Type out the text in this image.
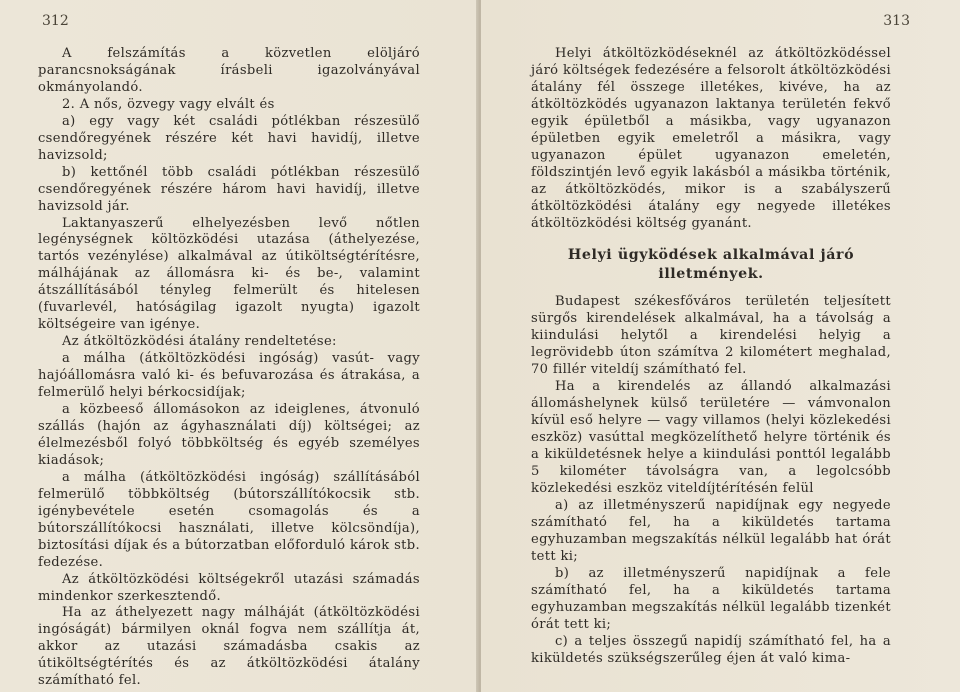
312

A felszámítás a közvetlen elöljáró parancsnokságának írásbeli igazolványával okmányolandó.

2. A nős, özvegy vagy elvált és

a) egy vagy két családi pótlékban részesülő csendőregyének részére két havi havidíj, illetve havizsold;

b) kettőnél több családi pótlékban részesülő csendőregyének részére három havi havidíj, illetve havizsold jár.

Laktanyaszerű elhelyezésben levő nőtlen legénységnek költözködési utazása (áthelyezése, tartós vezénylése) alkalmával az útiköltségtérítésre, málhájának az állomásra ki- és be-, valamint átszállításából tényleg felmerült és hitelesen (fuvarlevél, hatóságilag igazolt nyugta) igazolt költségeire van igénye.

Az átköltözködési átalány rendeltetése:

a málha (átköltözködési ingóság) vasút- vagy hajóállomásra való ki- és befuvarozása és átrakása, a felmerülő helyi bérkocsidíjak;

a közbeeső állomásokon az ideiglenes, átvonuló szállás (hajón az ágyhasználati díj) költségei; az élelmezésből folyó többköltség és egyéb személyes kiadások;

a málha (átköltözködési ingóság) szállításából felmerülő többköltség (bútorszállítókocsik stb. igénybevétele esetén csomagolás és a bútorszállítókocsi használati, illetve kölcsöndíja), biztosítási díjak és a bútorzatban előforduló károk stb. fedezése.

Az átköltözködési költségekről utazási számadás mindenkor szerkesztendő.

Ha az áthelyezett nagy málháját (átköltözködési ingóságát) bármilyen oknál fogva nem szállítja át, akkor az utazási számadásba csakis az útiköltségtérítés és az átköltözködési átalány számítható fel.

313

Helyi átköltözködéseknél az átköltözködéssel járó költségek fedezésére a felsorolt átköltözködési átalány fél összege illetékes, kivéve, ha az átköltözködés ugyanazon laktanya területén fekvő egyik épületből a másikba, vagy ugyanazon épületben egyik emeletről a másikra, vagy ugyanazon épület ugyanazon emeletén, földszintjén levő egyik lakásból a másikba történik, az átköltözködés, mikor is a szabályszerű átköltözködési átalány egy negyede illetékes átköltözködési költség gyanánt.

Helyi ügyködések alkalmával járó illetmények.

Budapest székesfőváros területén teljesített sürgős kirendelések alkalmával, ha a távolság a kiindulási helytől a kirendelési helyig a legrövidebb úton számítva 2 kilométert meghalad, 70 fillér viteldíj számítható fel.

Ha a kirendelés az állandó alkalmazási állomáshelynek külső területére — vámvonalon kívül eső helyre — vagy villamos (helyi közlekedési eszköz) vasúttal megközelíthető helyre történik és a kiküldetésnek helye a kiindulási ponttól legalább 5 kilométer távolságra van, a legolcsóbb közlekedési eszköz viteldíjtérítésén felül

a) az illetményszerű napidíjnak egy negyede számítható fel, ha a kiküldetés tartama egyhuzamban megszakítás nélkül legalább hat órát tett ki;

b) az illetményszerű napidíjnak a fele számítható fel, ha a kiküldetés tartama egyhuzamban megszakítás nélkül legalább tizenkét órát tett ki;

c) a teljes összegű napidíj számítható fel, ha a kiküldetés szükségszerűleg éjen át való kima-
